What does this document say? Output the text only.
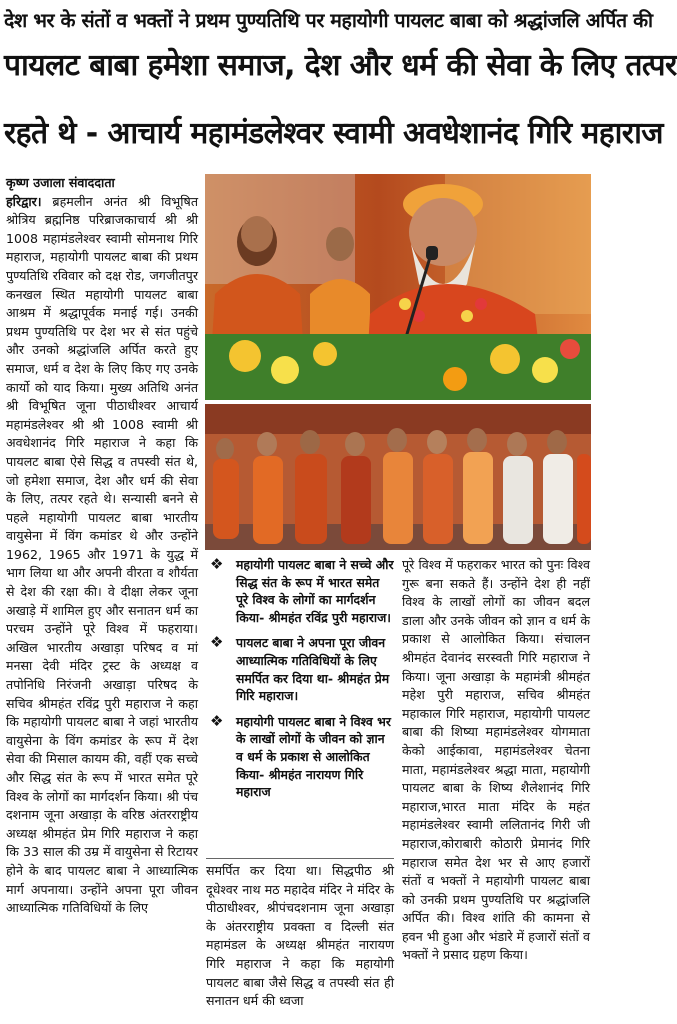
देश भर के संतों व भक्तों ने प्रथम पुण्यतिथि पर महायोगी पायलट बाबा को श्रद्धांजलि अर्पित की
पायलट बाबा हमेशा समाज, देश और धर्म की सेवा के लिए तत्पर
रहते थे - आचार्य महामंडलेश्वर स्वामी अवधेशानंद गिरि महाराज
कृष्ण उजाला संवाददाता

हरिद्वार। ब्रहमलीन अनंत श्री विभूषित श्रोत्रिय ब्रह्मनिष्ठ परिब्राजकाचार्य श्री श्री 1008 महामंडलेश्वर स्वामी सोमनाथ गिरि महाराज, महायोगी पायलट बाबा की प्रथम पुण्यतिथि रविवार को दक्ष रोड, जगजीतपुर कनखल स्थित महायोगी पायलट बाबा आश्रम में श्रद्धापूर्वक मनाई गई। उनकी प्रथम पुण्यतिथि पर देश भर से संत पहुंचे और उनको श्रद्धांजलि अर्पित करते हुए समाज, धर्म व देश के लिए किए गए उनके कार्यो को याद किया। मुख्य अतिथि अनंत श्री विभूषित जूना पीठाधीश्वर आचार्य महामंडलेश्वर श्री श्री 1008 स्वामी श्री अवधेशानंद गिरि महाराज ने कहा कि पायलट बाबा ऐसे सिद्ध व तपस्वी संत थे, जो हमेशा समाज, देश और धर्म की सेवा के लिए, तत्पर रहते थे। सन्यासी बनने से पहले महायोगी पायलट बाबा भारतीय वायुसेना में विंग कमांडर थे और उन्होंने 1962, 1965 और 1971 के युद्ध में भाग लिया था और अपनी वीरता व शौर्यता से देश की रक्षा की। वे दीक्षा लेकर जूना अखाड़े में शामिल हुए और सनातन धर्म का परचम उन्होंने पूरे विश्व में फहराया। अखिल भारतीय अखाड़ा परिषद व मां मनसा देवी मंदिर ट्रस्ट के अध्यक्ष व तपोनिधि निरंजनी अखाड़ा परिषद के सचिव श्रीमहंत रविंद्र पुरी महाराज ने कहा कि महायोगी पायलट बाबा ने जहां भारतीय वायुसेना के विंग कमांडर के रूप में देश सेवा की मिसाल कायम की, वहीं एक सच्चे और सिद्ध संत के रूप में भारत समेत पूरे विश्व के लोगों का मार्गदर्शन किया। श्री पंच दशनाम जूना अखाड़ा के वरिष्ठ अंतरराष्ट्रीय अध्यक्ष श्रीमहंत प्रेम गिरि महाराज ने कहा कि 33 साल की उम्र में वायुसेना से रिटायर होने के बाद पायलट बाबा ने आध्यात्मिक मार्ग अपनाया। उन्होंने अपना पूरा जीवन आध्यात्मिक गतिविधियों के लिए

❖ महायोगी पायलट बाबा ने सच्चे और सिद्ध संत के रूप में भारत समेत पूरे विश्व के लोगों का मार्गदर्शन किया- श्रीमहंत रविंद्र पुरी महाराज।
❖ पायलट बाबा ने अपना पूरा जीवन आध्यात्मिक गतिविधियों के लिए समर्पित कर दिया था- श्रीमहंत प्रेम गिरि महाराज।
❖ महायोगी पायलट बाबा ने विश्व भर के लाखों लोगों के जीवन को ज्ञान व धर्म के प्रकाश से आलोकित किया- श्रीमहंत नारायण गिरि महाराज

समर्पित कर दिया था। सिद्धपीठ श्री दूधेश्वर नाथ मठ महादेव मंदिर ने मंदिर के पीठाधीश्वर, श्रीपंचदशनाम जूना अखाड़ा के अंतरराष्ट्रीय प्रवक्ता व दिल्ली संत महामंडल के अध्यक्ष श्रीमहंत नारायण गिरि महाराज ने कहा कि महायोगी पायलट बाबा जैसे सिद्ध व तपस्वी संत ही सनातन धर्म की ध्वजा

पूरे विश्व में फहराकर भारत को पुनः विश्व गुरू बना सकते हैं। उन्होंने देश ही नहीं विश्व के लाखों लोगों का जीवन बदल डाला और उनके जीवन को ज्ञान व धर्म के प्रकाश से आलोकित किया। संचालन श्रीमहंत देवानंद सरस्वती गिरि महाराज ने किया। जूना अखाड़ा के महामंत्री श्रीमहंत महेश पुरी महाराज, सचिव श्रीमहंत महाकाल गिरि महाराज, महायोगी पायलट बाबा की शिष्या महामंडलेश्वर योगमाता केको आईकावा, महामंडलेश्वर चेतना माता, महामंडलेश्वर श्रद्धा माता, महायोगी पायलट बाबा के शिष्य शैलेशानंद गिरि महाराज,भारत माता मंदिर के महंत महामंडलेश्वर स्वामी ललितानंद गिरी जी महाराज,कोराबारी कोठारी प्रेमानंद गिरि महाराज समेत देश भर से आए हजारों संतों व भक्तों ने महायोगी पायलट बाबा को उनकी प्रथम पुण्यतिथि पर श्रद्धांजलि अर्पित की। विश्व शांति की कामना से हवन भी हुआ और भंडारे में हजारों संतों व भक्तों ने प्रसाद ग्रहण किया।
